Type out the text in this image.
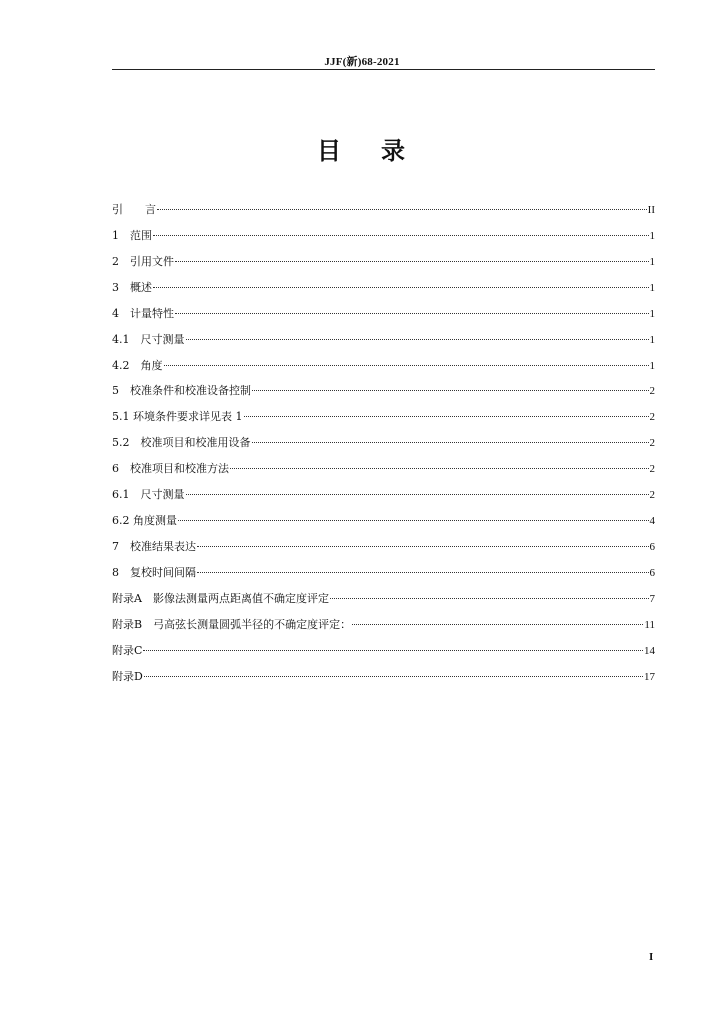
JJF(新)68-2021
目 录
引　　言	II
1　范围	1
2　引用文件	1
3　概述	1
4　计量特性	1
4.1　尺寸测量	1
4.2　角度	1
5　校准条件和校准设备控制	2
5.1 环境条件要求详见表 1	2
5.2　校准项目和校准用设备	2
6　校准项目和校准方法	2
6.1　尺寸测量	2
6.2 角度测量	4
7　校准结果表达	6
8　复校时间间隔	6
附录A　影像法测量两点距离值不确定度评定	7
附录B　弓高弦长测量圆弧半径的不确定度评定：	11
附录C	14
附录D	17
I
